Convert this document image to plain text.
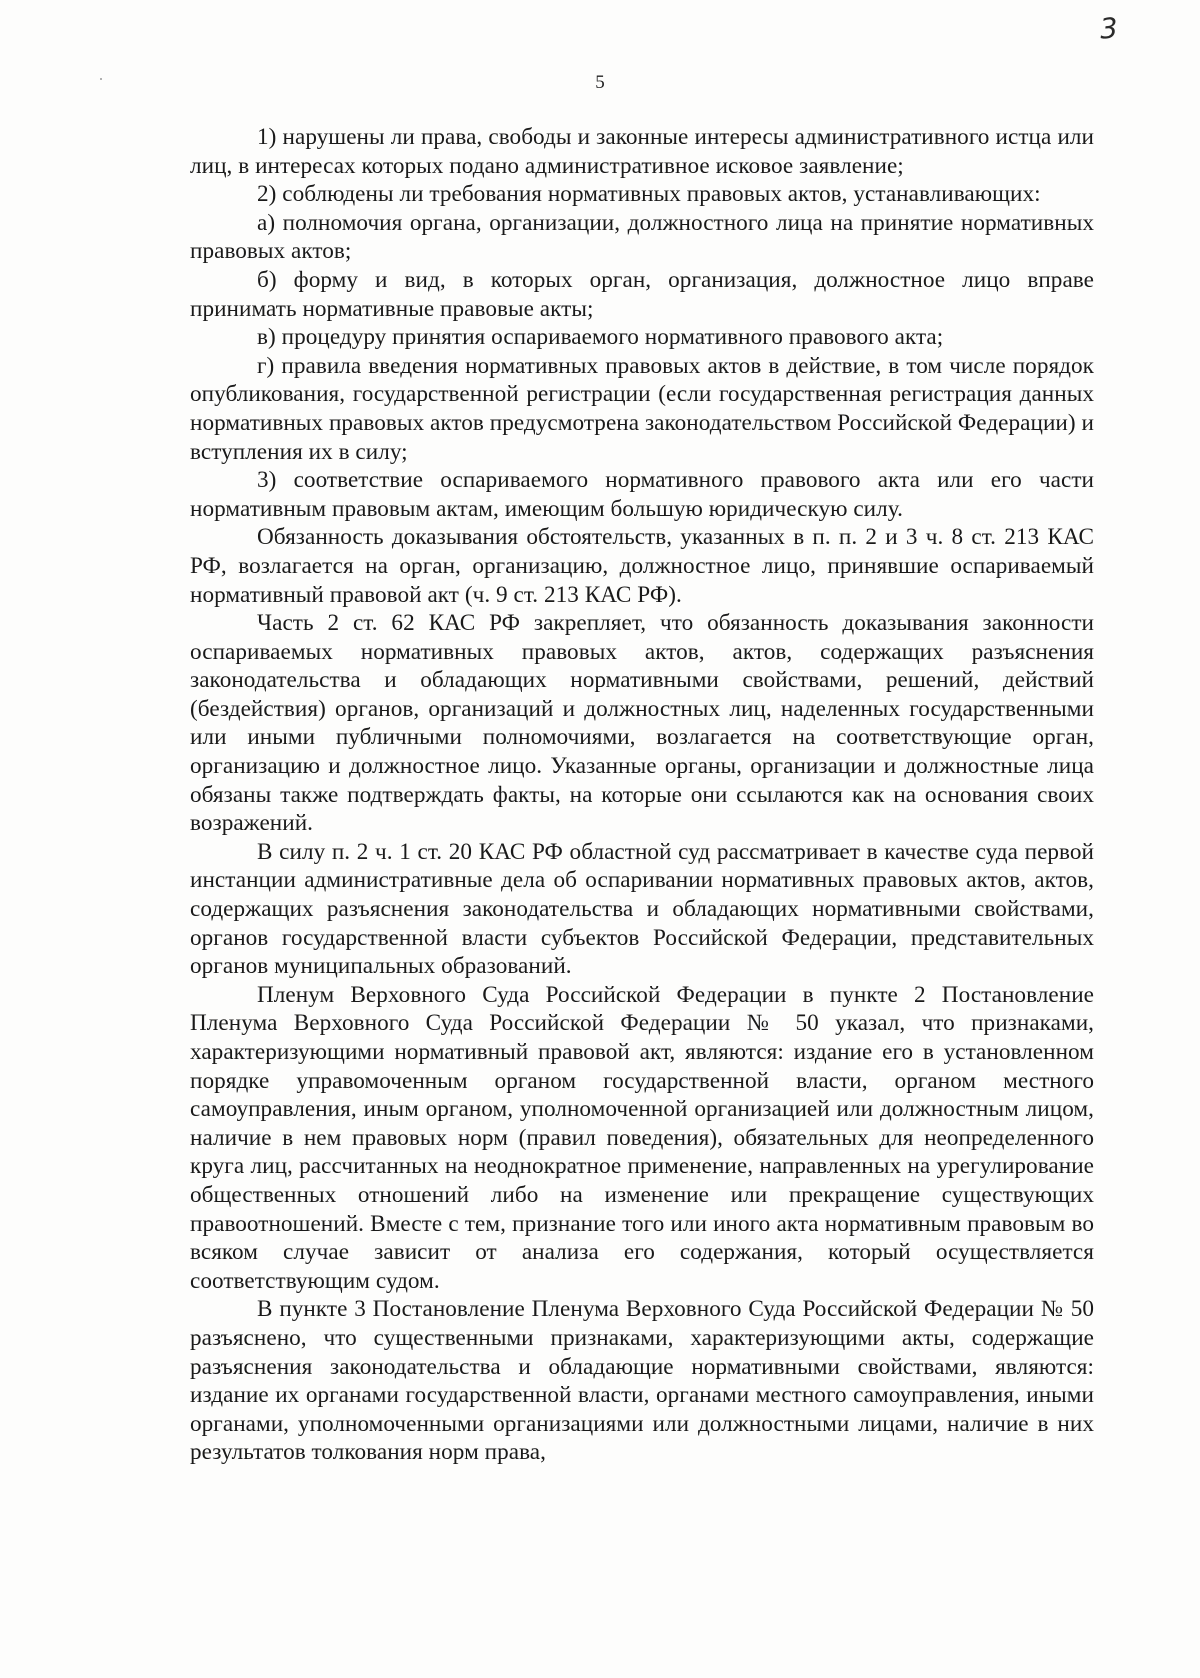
3
5

1) нарушены ли права, свободы и законные интересы административного истца или лиц, в интересах которых подано административное исковое заявление;

2) соблюдены ли требования нормативных правовых актов, устанавливающих:

а) полномочия органа, организации, должностного лица на принятие нормативных правовых актов;

б) форму и вид, в которых орган, организация, должностное лицо вправе принимать нормативные правовые акты;

в) процедуру принятия оспариваемого нормативного правового акта;

г) правила введения нормативных правовых актов в действие, в том числе порядок опубликования, государственной регистрации (если государственная регистрация данных нормативных правовых актов предусмотрена законодательством Российской Федерации) и вступления их в силу;

3) соответствие оспариваемого нормативного правового акта или его части нормативным правовым актам, имеющим большую юридическую силу.

Обязанность доказывания обстоятельств, указанных в п. п. 2 и 3 ч. 8 ст. 213 КАС РФ, возлагается на орган, организацию, должностное лицо, принявшие оспариваемый нормативный правовой акт (ч. 9 ст. 213 КАС РФ).

Часть 2 ст. 62 КАС РФ закрепляет, что обязанность доказывания законности оспариваемых нормативных правовых актов, актов, содержащих разъяснения законодательства и обладающих нормативными свойствами, решений, действий (бездействия) органов, организаций и должностных лиц, наделенных государственными или иными публичными полномочиями, возлагается на соответствующие орган, организацию и должностное лицо. Указанные органы, организации и должностные лица обязаны также подтверждать факты, на которые они ссылаются как на основания своих возражений.

В силу п. 2 ч. 1 ст. 20 КАС РФ областной суд рассматривает в качестве суда первой инстанции административные дела об оспаривании нормативных правовых актов, актов, содержащих разъяснения законодательства и обладающих нормативными свойствами, органов государственной власти субъектов Российской Федерации, представительных органов муниципальных образований.

Пленум Верховного Суда Российской Федерации в пункте 2 Постановление Пленума Верховного Суда Российской Федерации № 50 указал, что признаками, характеризующими нормативный правовой акт, являются: издание его в установленном порядке управомоченным органом государственной власти, органом местного самоуправления, иным органом, уполномоченной организацией или должностным лицом, наличие в нем правовых норм (правил поведения), обязательных для неопределенного круга лиц, рассчитанных на неоднократное применение, направленных на урегулирование общественных отношений либо на изменение или прекращение существующих правоотношений. Вместе с тем, признание того или иного акта нормативным правовым во всяком случае зависит от анализа его содержания, который осуществляется соответствующим судом.

В пункте 3 Постановление Пленума Верховного Суда Российской Федерации № 50 разъяснено, что существенными признаками, характеризующими акты, содержащие разъяснения законодательства и обладающие нормативными свойствами, являются: издание их органами государственной власти, органами местного самоуправления, иными органами, уполномоченными организациями или должностными лицами, наличие в них результатов толкования норм права,
